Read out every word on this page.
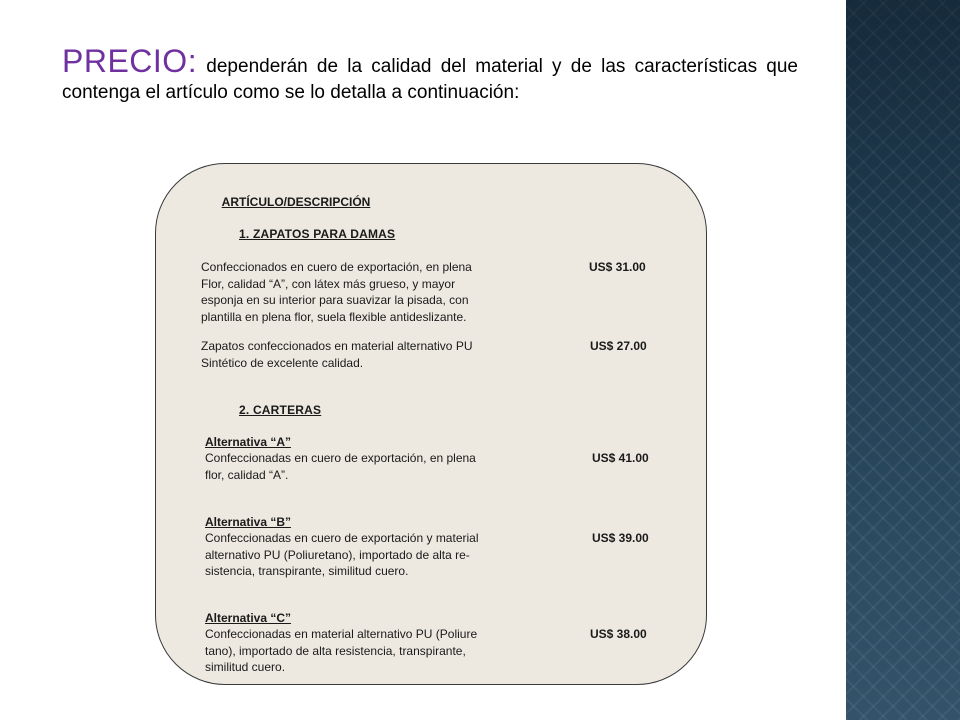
PRECIO: dependerán de la calidad del material y de las características que contenga el artículo como se lo detalla a continuación:
ARTÍCULO/DESCRIPCIÓN
1. ZAPATOS PARA DAMAS
Confeccionados en cuero de exportación, en plena
Flor, calidad “A”, con látex más grueso, y mayor
esponja en su interior para suavizar la pisada, con
plantilla en plena flor, suela flexible antideslizante.
US$ 31.00
Zapatos confeccionados en material alternativo PU
Sintético de excelente calidad.
US$ 27.00
2. CARTERAS
Alternativa “A”
Confeccionadas en cuero de exportación, en plena
flor, calidad “A”.
US$ 41.00
Alternativa “B”
Confeccionadas en cuero de exportación y material
alternativo PU (Poliuretano), importado de alta re-
sistencia, transpirante, similitud cuero.
US$ 39.00
Alternativa “C”
Confeccionadas en material alternativo PU (Poliure
tano), importado de alta resistencia, transpirante,
similitud cuero.
US$ 38.00
